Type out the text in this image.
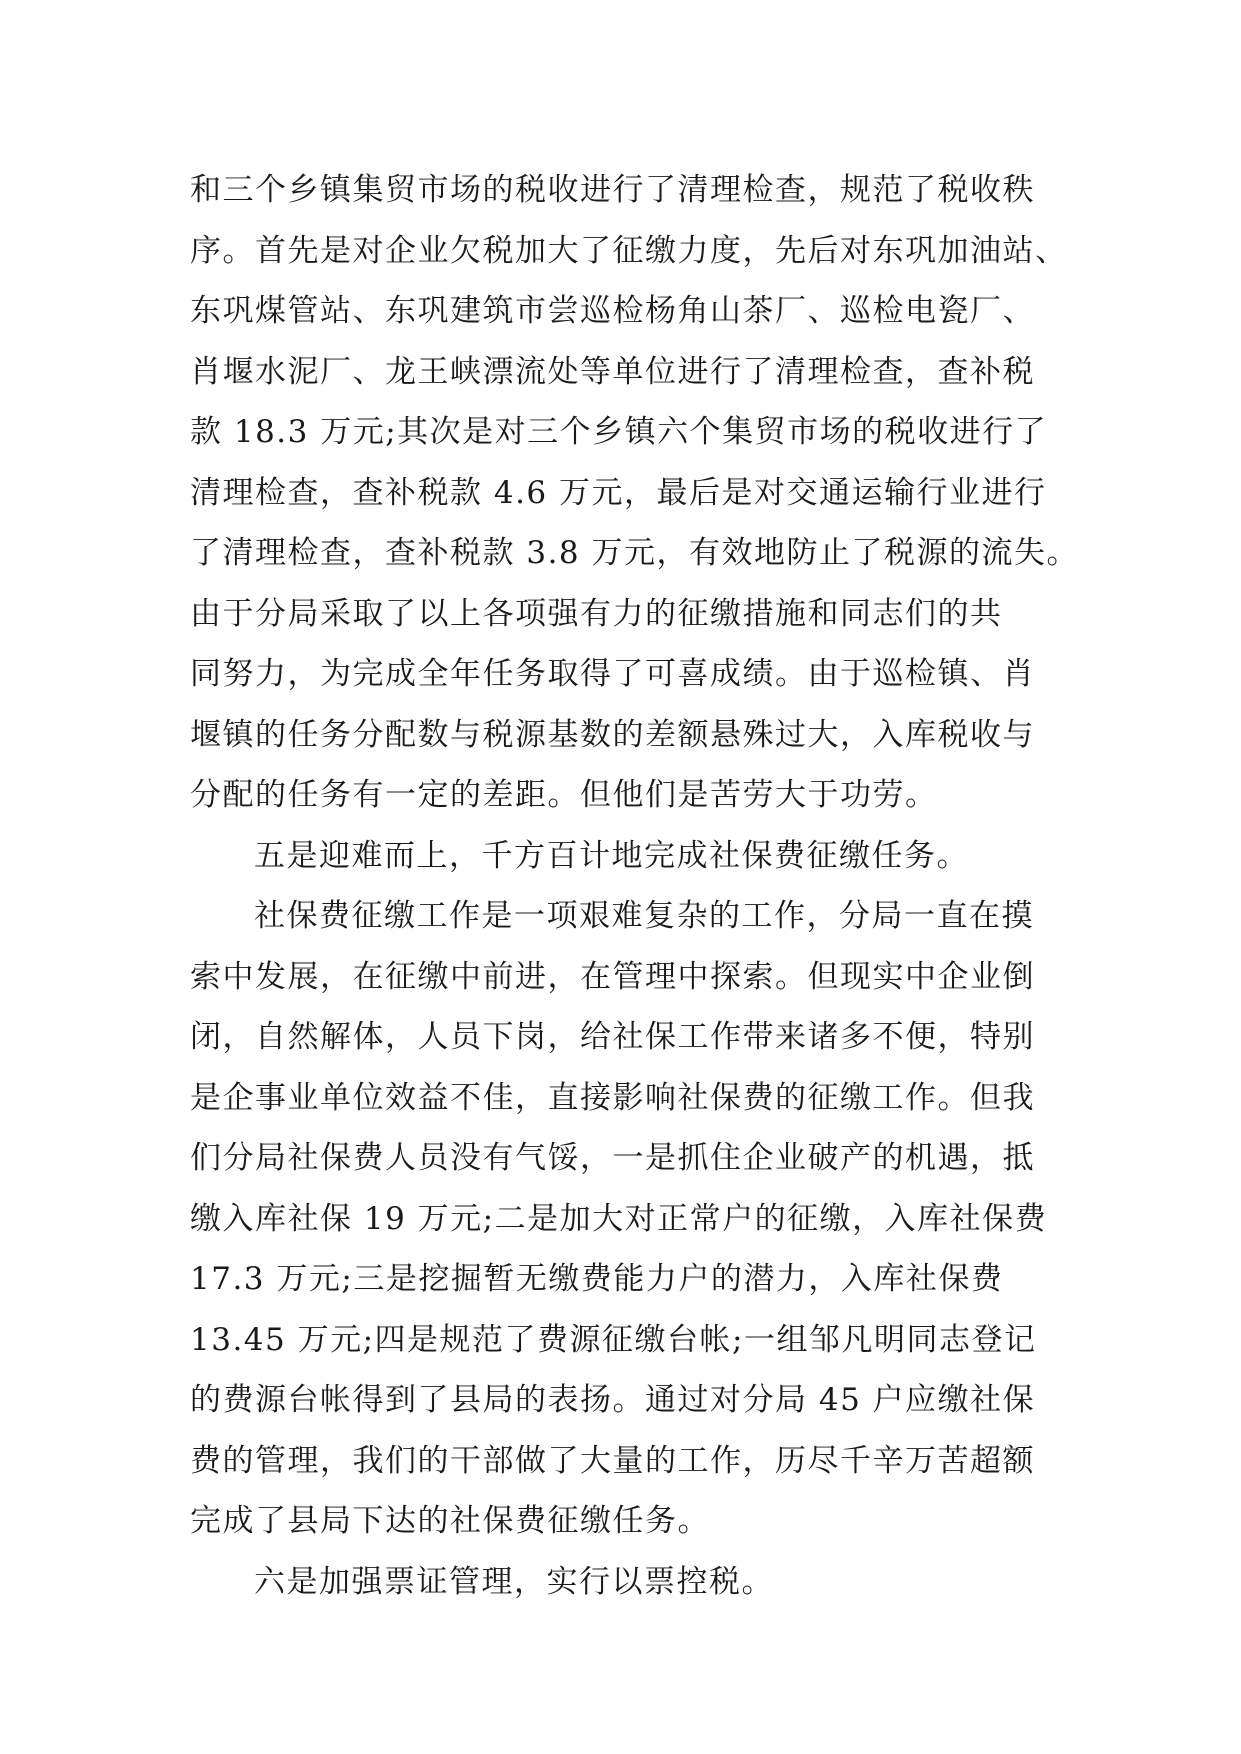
和三个乡镇集贸市场的税收进行了清理检查，规范了税收秩
序。首先是对企业欠税加大了征缴力度，先后对东巩加油站、
东巩煤管站、东巩建筑市尝巡检杨角山茶厂、巡检电瓷厂、
肖堰水泥厂、龙王峡漂流处等单位进行了清理检查，查补税
款 18.3 万元;其次是对三个乡镇六个集贸市场的税收进行了
清理检查，查补税款 4.6 万元，最后是对交通运输行业进行
了清理检查，查补税款 3.8 万元，有效地防止了税源的流失。
由于分局采取了以上各项强有力的征缴措施和同志们的共
同努力，为完成全年任务取得了可喜成绩。由于巡检镇、肖
堰镇的任务分配数与税源基数的差额悬殊过大，入库税收与
分配的任务有一定的差距。但他们是苦劳大于功劳。
五是迎难而上，千方百计地完成社保费征缴任务。
社保费征缴工作是一项艰难复杂的工作，分局一直在摸
索中发展，在征缴中前进，在管理中探索。但现实中企业倒
闭，自然解体，人员下岗，给社保工作带来诸多不便，特别
是企事业单位效益不佳，直接影响社保费的征缴工作。但我
们分局社保费人员没有气馁，一是抓住企业破产的机遇，抵
缴入库社保 19 万元;二是加大对正常户的征缴，入库社保费
17.3 万元;三是挖掘暂无缴费能力户的潜力，入库社保费
13.45 万元;四是规范了费源征缴台帐;一组邹凡明同志登记
的费源台帐得到了县局的表扬。通过对分局 45 户应缴社保
费的管理，我们的干部做了大量的工作，历尽千辛万苦超额
完成了县局下达的社保费征缴任务。
六是加强票证管理，实行以票控税。
